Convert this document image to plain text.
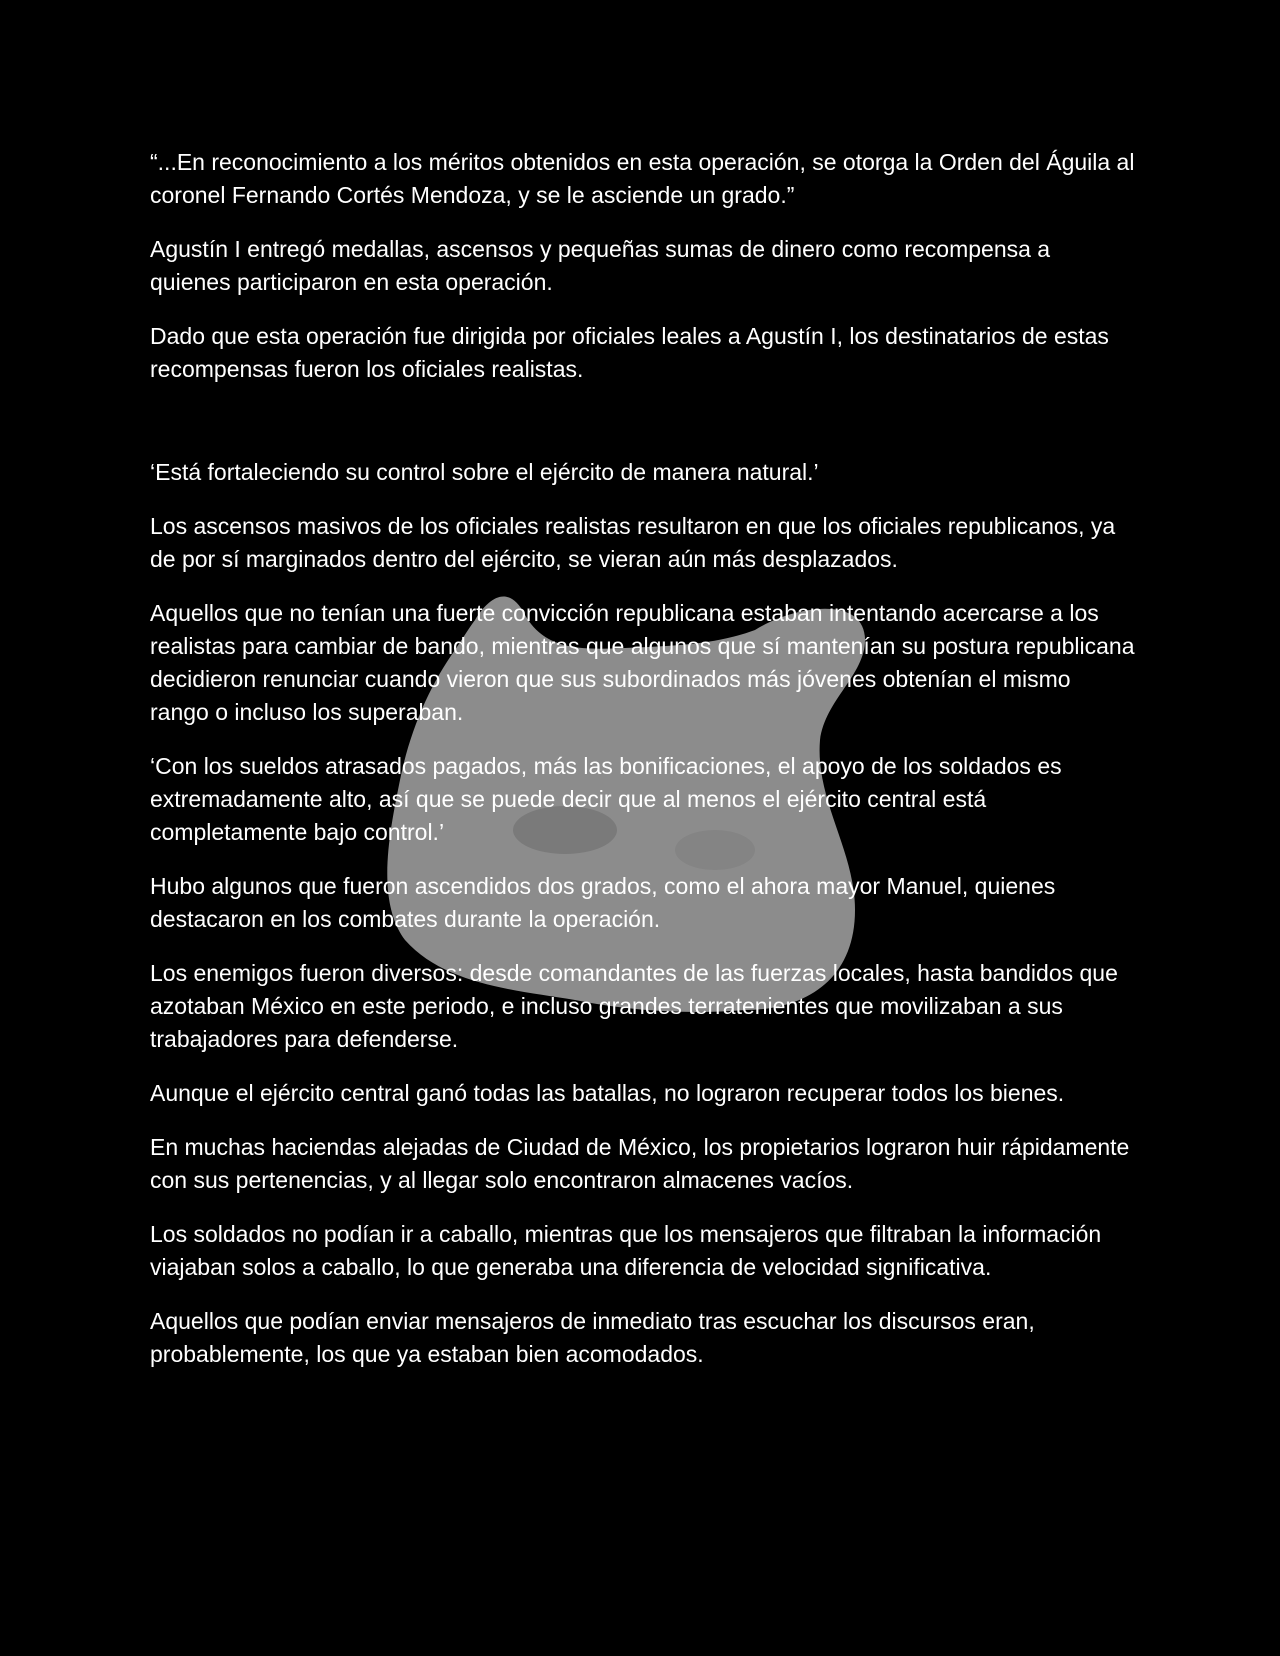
“...En reconocimiento a los méritos obtenidos en esta operación, se otorga la Orden del Águila al coronel Fernando Cortés Mendoza, y se le asciende un grado.”

Agustín I entregó medallas, ascensos y pequeñas sumas de dinero como recompensa a quienes participaron en esta operación.

Dado que esta operación fue dirigida por oficiales leales a Agustín I, los destinatarios de estas recompensas fueron los oficiales realistas.

‘Está fortaleciendo su control sobre el ejército de manera natural.’

Los ascensos masivos de los oficiales realistas resultaron en que los oficiales republicanos, ya de por sí marginados dentro del ejército, se vieran aún más desplazados.

Aquellos que no tenían una fuerte convicción republicana estaban intentando acercarse a los realistas para cambiar de bando, mientras que algunos que sí mantenían su postura republicana decidieron renunciar cuando vieron que sus subordinados más jóvenes obtenían el mismo rango o incluso los superaban.

‘Con los sueldos atrasados pagados, más las bonificaciones, el apoyo de los soldados es extremadamente alto, así que se puede decir que al menos el ejército central está completamente bajo control.’

Hubo algunos que fueron ascendidos dos grados, como el ahora mayor Manuel, quienes destacaron en los combates durante la operación.

Los enemigos fueron diversos: desde comandantes de las fuerzas locales, hasta bandidos que azotaban México en este periodo, e incluso grandes terratenientes que movilizaban a sus trabajadores para defenderse.

Aunque el ejército central ganó todas las batallas, no lograron recuperar todos los bienes.

En muchas haciendas alejadas de Ciudad de México, los propietarios lograron huir rápidamente con sus pertenencias, y al llegar solo encontraron almacenes vacíos.

Los soldados no podían ir a caballo, mientras que los mensajeros que filtraban la información viajaban solos a caballo, lo que generaba una diferencia de velocidad significativa.

Aquellos que podían enviar mensajeros de inmediato tras escuchar los discursos eran, probablemente, los que ya estaban bien acomodados.
